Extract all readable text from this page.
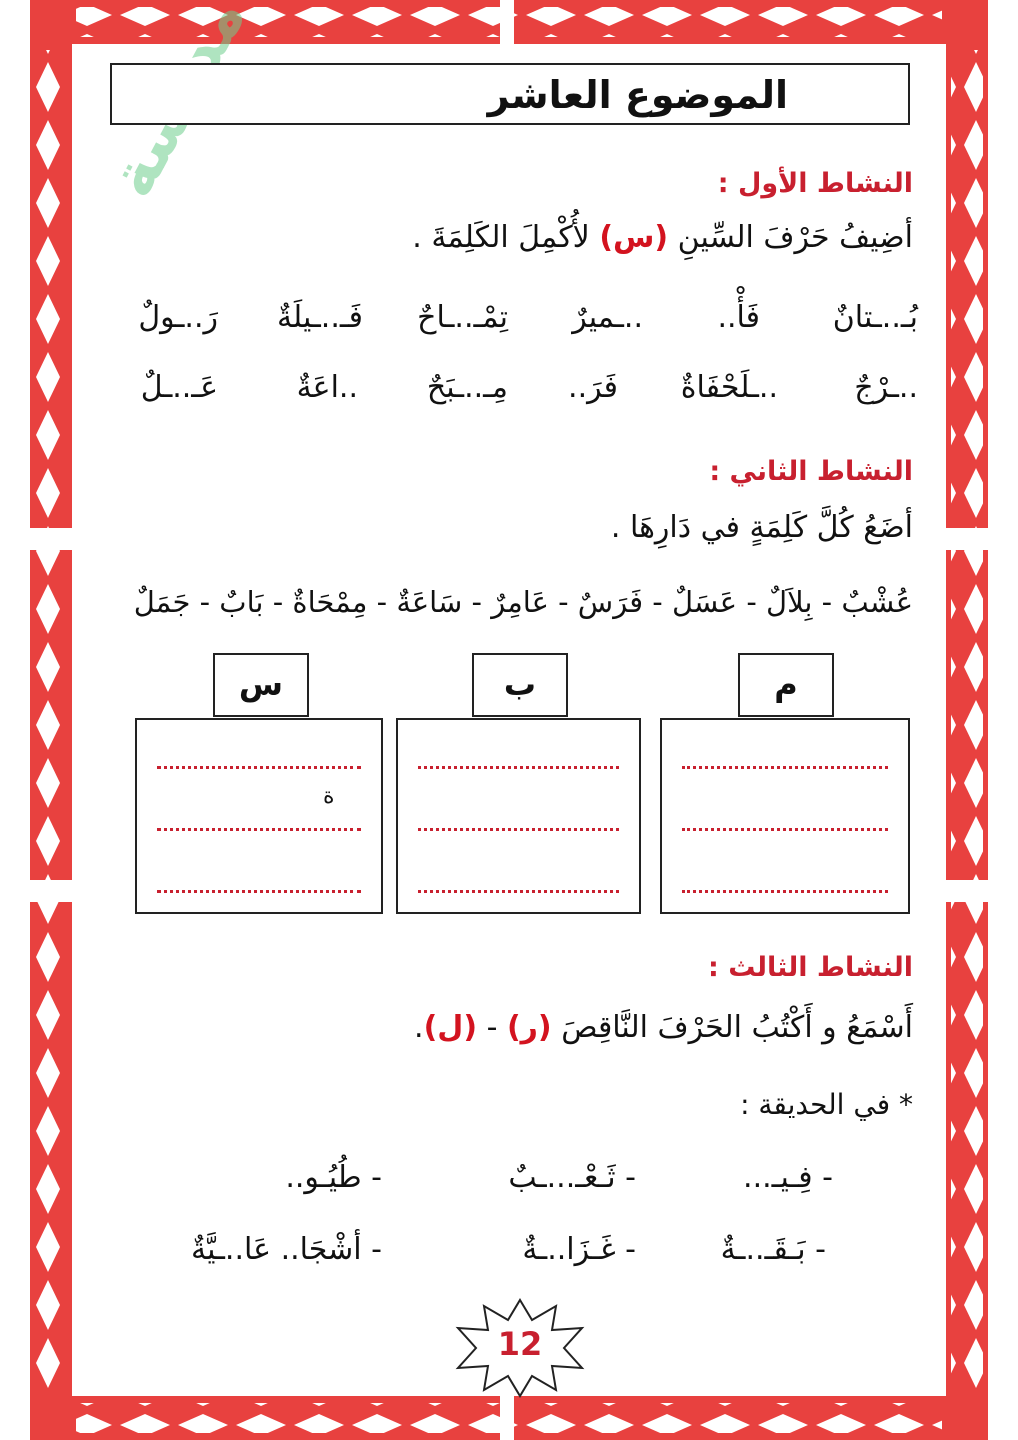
الموضوع العاشر
النشاط الأول :
أضِيفُ حَرْفَ السِّينِ (س) لأُكْمِلَ الكَلِمَةَ .
بُـ..ـتانٌ
فَأْ..
..ـميرٌ
تِمْـ..ـاحٌ
فَـ..ـيلَةٌ
رَ..ـولٌ
..ـرْجٌ
..ـلَحْفَاةٌ
فَرَ..
مِـ..ـبَحٌ
..اعَةٌ
عَـ..ـلٌ
النشاط الثاني :
أضَعُ كُلَّ كَلِمَةٍ في دَارِهَا .
عُشْبٌ - بِلاَلٌ - عَسَلٌ - فَرَسٌ - عَامِرٌ - سَاعَةٌ - مِمْحَاةٌ - بَابٌ - جَمَلٌ
م
ب
ة
س
النشاط الثالث :
أَسْمَعُ و أَكْتُبُ الحَرْفَ النَّاقِصَ (ر) - (ل).
* في الحديقة :
- فِـيـ...
- ثَـعْـ...ـبٌ
- طُيُـو..
- بَـقَـ..ـةٌ
- غَـزَا..ـةٌ
- أشْجَا.. عَا..ـيَّةٌ
12
